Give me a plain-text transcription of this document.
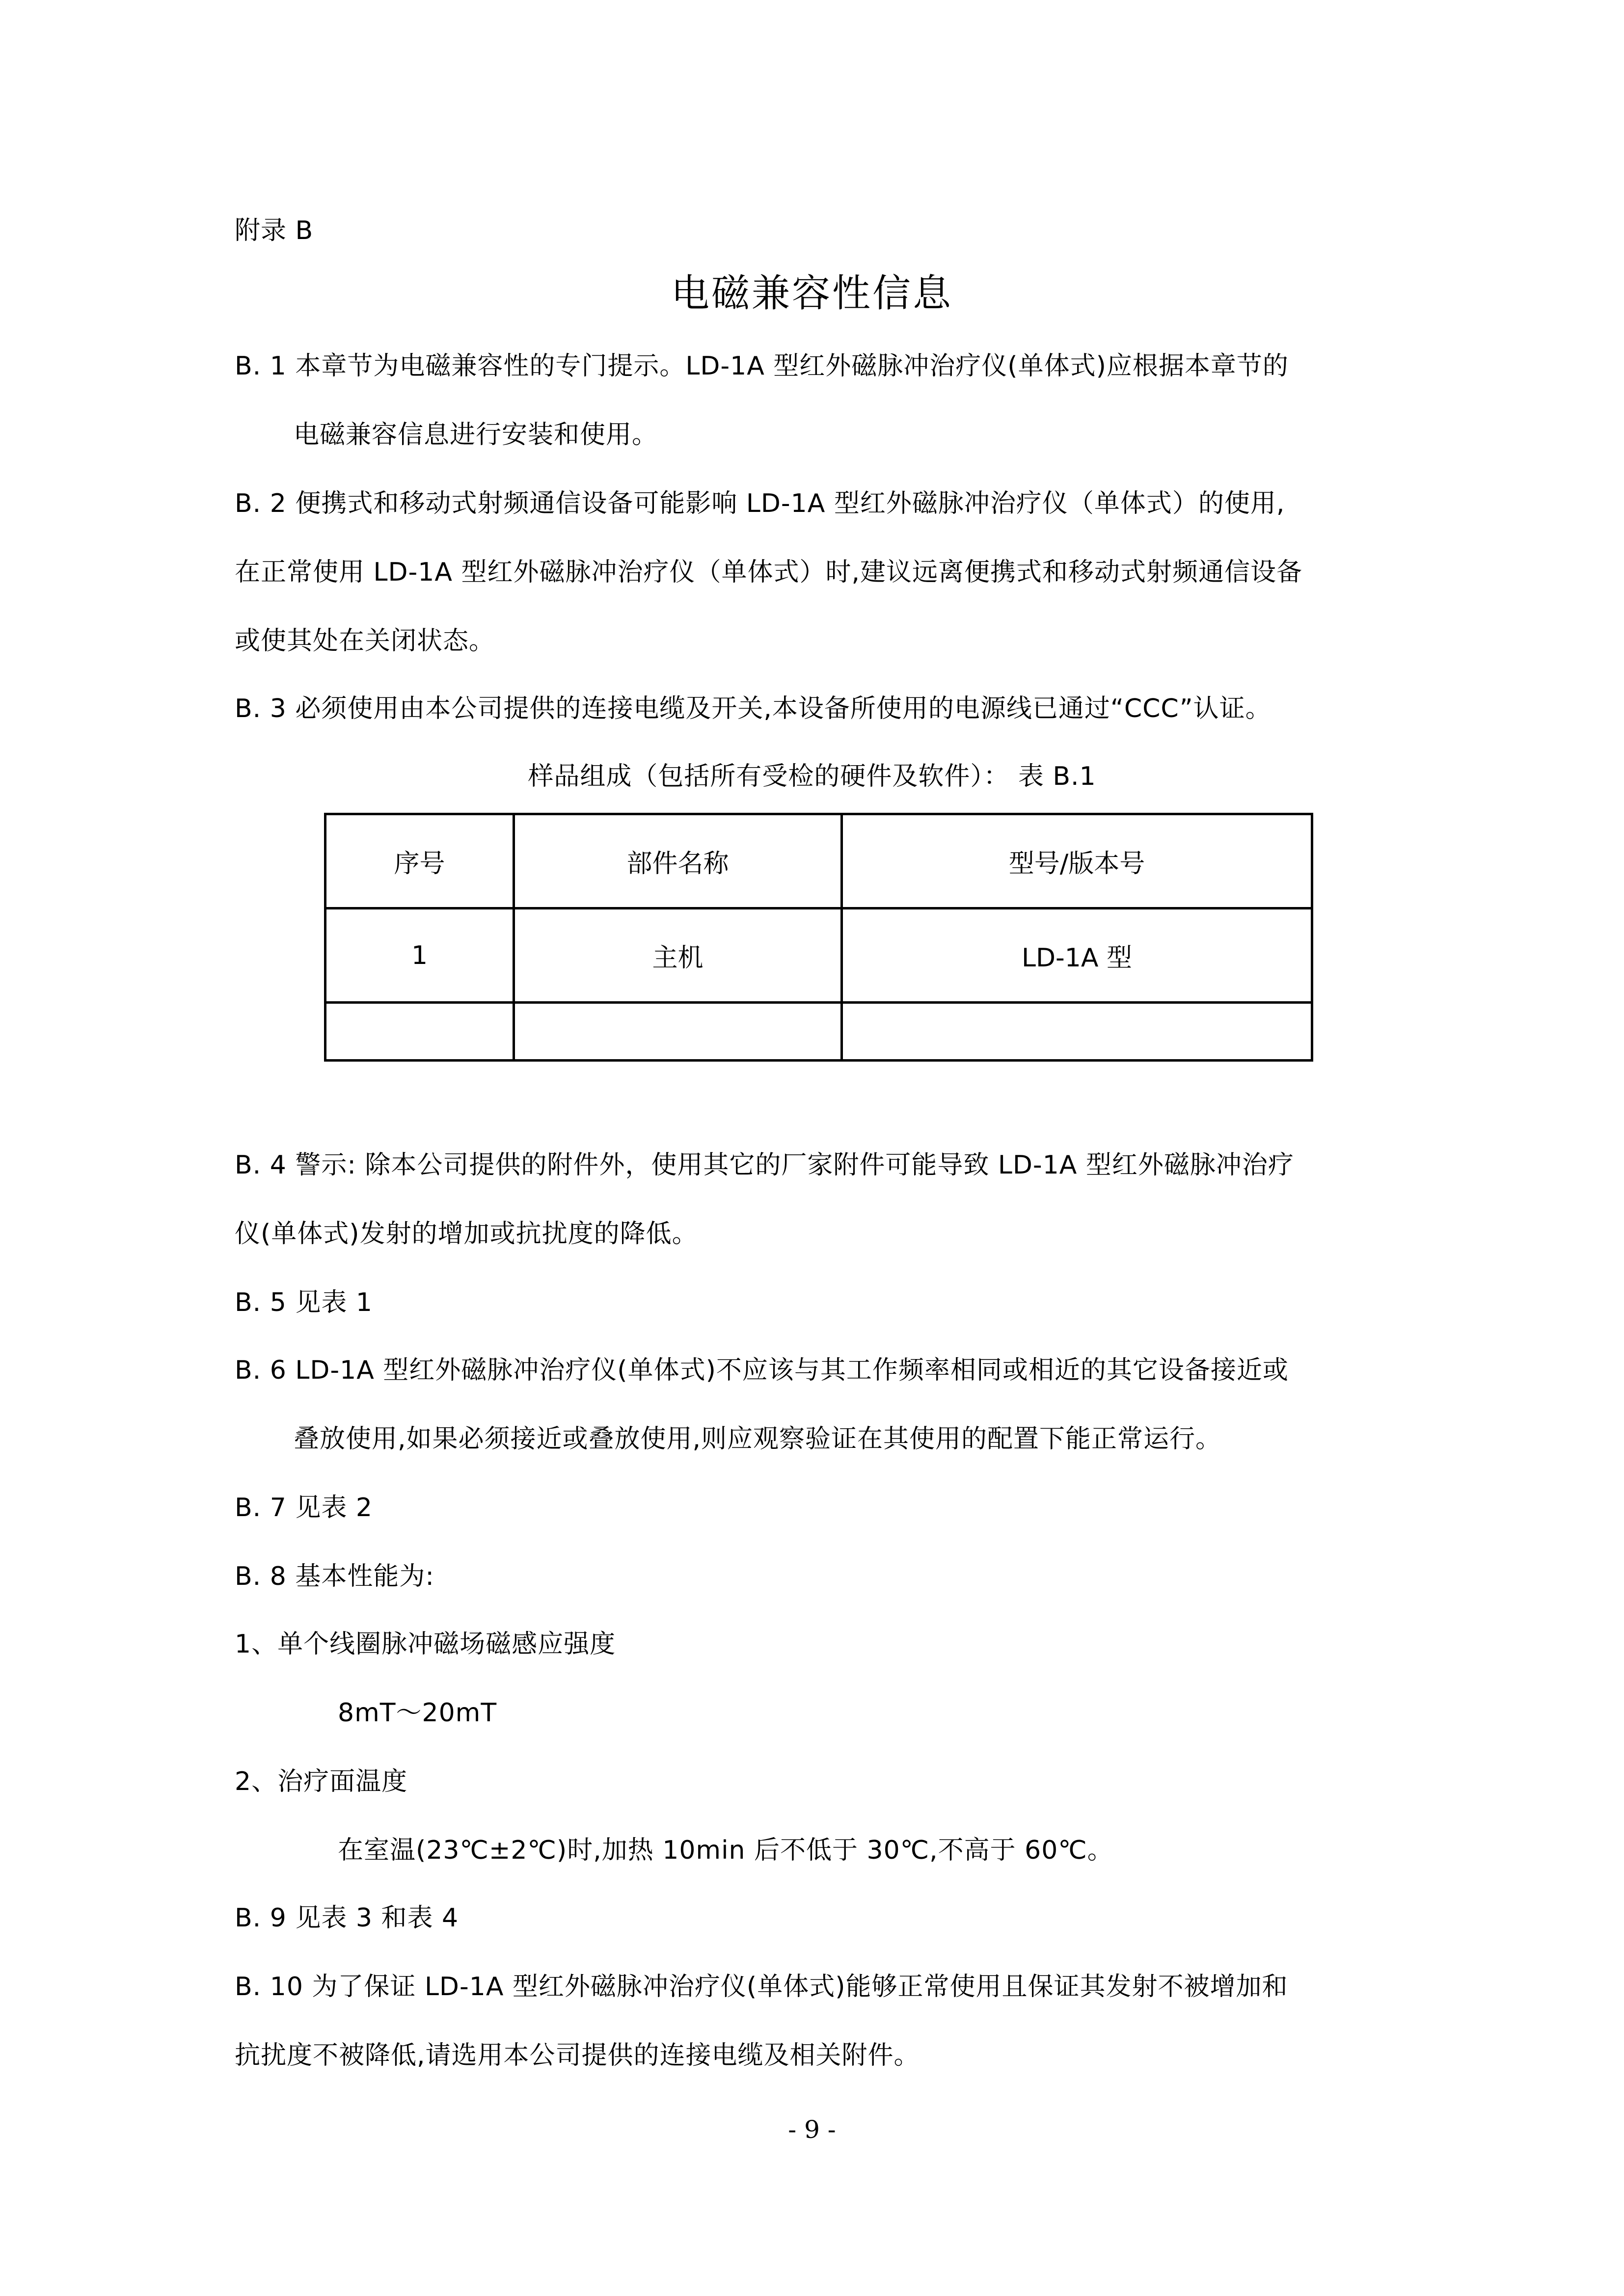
附录 B
电磁兼容性信息
B. 1 本章节为电磁兼容性的专门提示。LD-1A 型红外磁脉冲治疗仪(单体式)应根据本章节的
电磁兼容信息进行安装和使用。
B. 2 便携式和移动式射频通信设备可能影响 LD-1A 型红外磁脉冲治疗仪（单体式）的使用,
在正常使用 LD-1A 型红外磁脉冲治疗仪（单体式）时,建议远离便携式和移动式射频通信设备
或使其处在关闭状态。
B. 3 必须使用由本公司提供的连接电缆及开关,本设备所使用的电源线已通过“CCC”认证。
样品组成（包括所有受检的硬件及软件）： 表 B.1
序号	部件名称	型号/版本号
1	主机	LD-1A 型

B. 4 警示: 除本公司提供的附件外，使用其它的厂家附件可能导致 LD-1A 型红外磁脉冲治疗
仪(单体式)发射的增加或抗扰度的降低。
B. 5 见表 1
B. 6 LD-1A 型红外磁脉冲治疗仪(单体式)不应该与其工作频率相同或相近的其它设备接近或
叠放使用,如果必须接近或叠放使用,则应观察验证在其使用的配置下能正常运行。
B. 7 见表 2
B. 8 基本性能为:
1、单个线圈脉冲磁场磁感应强度
8mT～20mT
2、治疗面温度
在室温(23℃±2℃)时,加热 10min 后不低于 30℃,不高于 60℃。
B. 9 见表 3 和表 4
B. 10 为了保证 LD-1A 型红外磁脉冲治疗仪(单体式)能够正常使用且保证其发射不被增加和
抗扰度不被降低,请选用本公司提供的连接电缆及相关附件。
- 9 -
